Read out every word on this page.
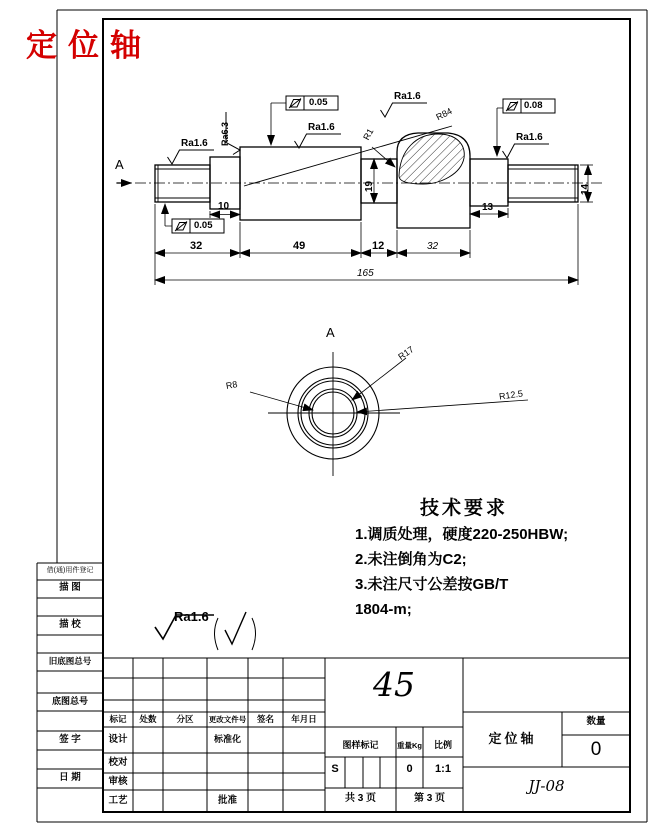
定位轴
A
Ra1.6
Ra1.6
Ra1.6
Ra1.6
Ra6.3
0.05	0.08
0.05
R1
R84
10
32	49	12	32
165
13
14
19
A
R8
R17
R12.5
技术要求
1.调质处理，硬度220-250HBW;
2.未注倒角为C2;
3.未注尺寸公差按GB/T
1804-m;
Ra1.6
借(通)用件登记
描 图
描 校
旧底图总号
底图总号
签 字
日 期
标记	处数	分区	更改文件号	签名	年月日
设计	标准化
校对
审核
工艺	批准
45
图样标记	重量Kg	比例
S	0	1:1
共 3 页	第 3 页
定位轴
数量
0
JJ-08
